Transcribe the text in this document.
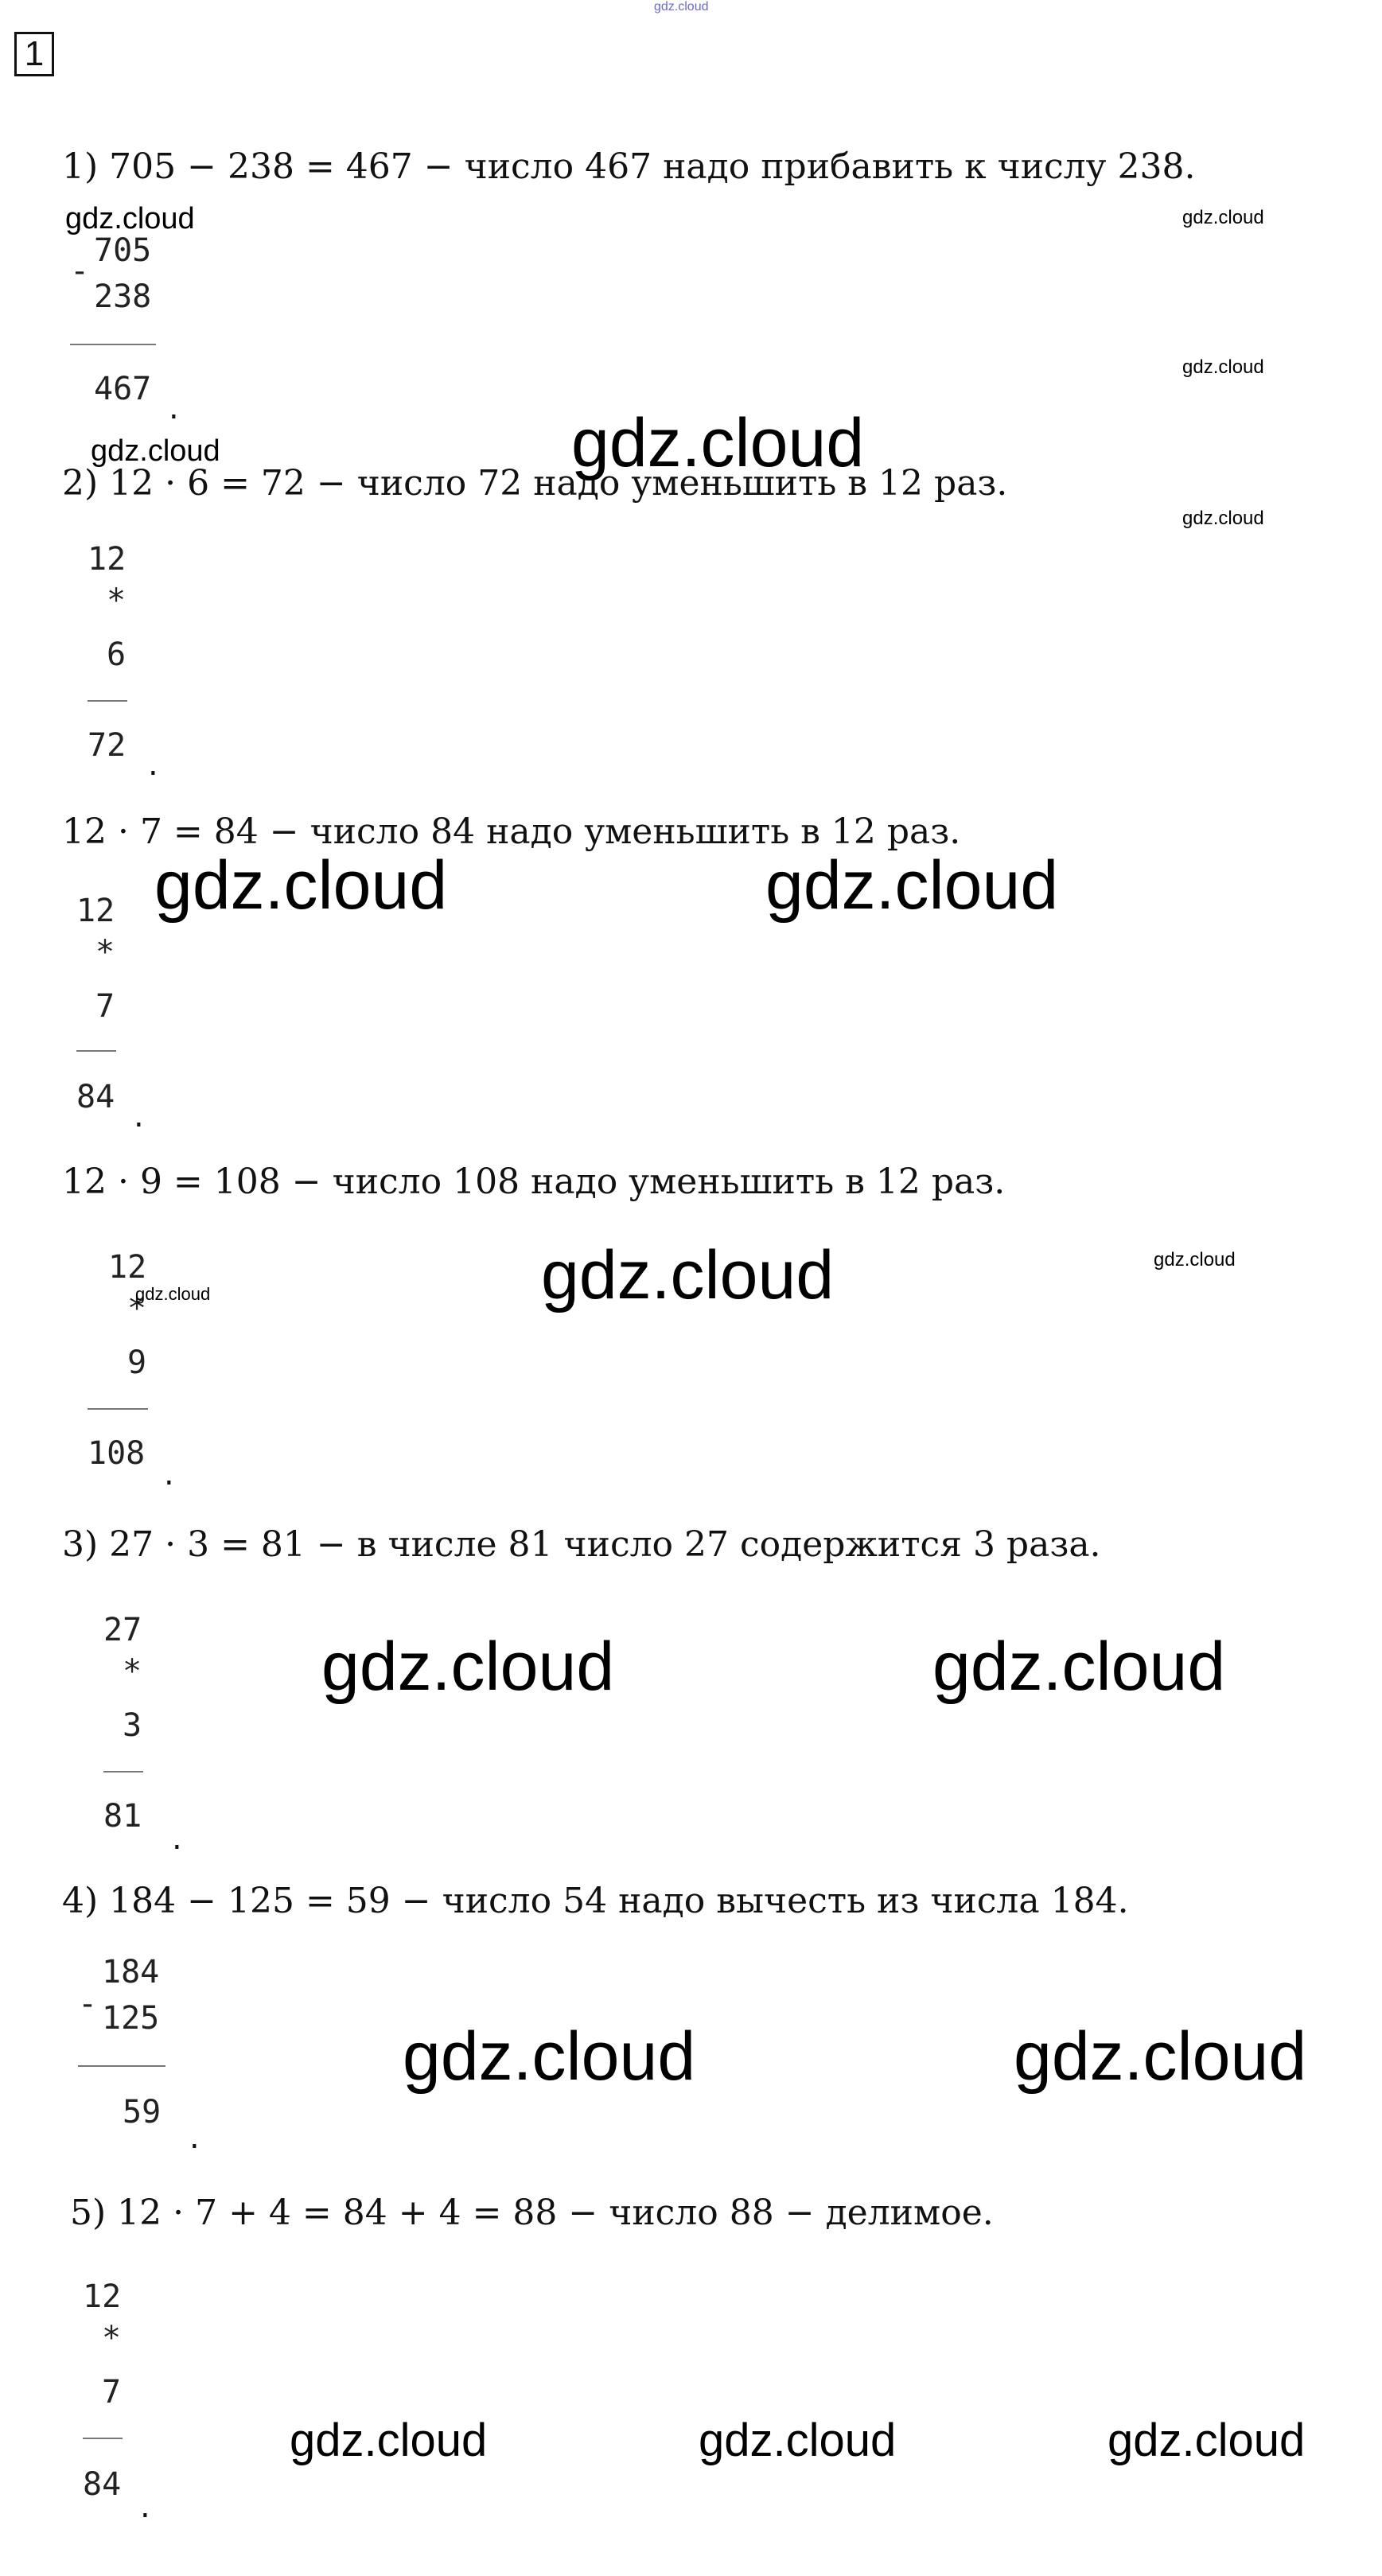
gdz.cloud
1
1) 705 − 238 = 467 − число 467 надо прибавить к числу 238.
-
705
238
467
.
2) 12 · 6 = 72 − число 72 надо уменьшить в 12 раз.
12
*
6
72
.
12 · 7 = 84 − число 84 надо уменьшить в 12 раз.
12
*
7
84
.
12 · 9 = 108 − число 108 надо уменьшить в 12 раз.
12
*
9
108
.
3) 27 · 3 = 81 − в числе 81 число 27 содержится 3 раза.
27
*
3
81
.
4) 184 − 125 = 59 − число 54 надо вычесть из числа 184.
-
184
125
59
.
5) 12 · 7 + 4 = 84 + 4 = 88 − число 88 − делимое.
12
*
7
84
.
gdz.cloud	gdz.cloud
gdz.cloud
gdz.cloud	gdz.cloud
gdz.cloud
gdz.cloud	gdz.cloud
gdz.cloud	gdz.cloud
gdz.cloud
gdz.cloud	gdz.cloud
gdz.cloud	gdz.cloud
gdz.cloud	gdz.cloud	gdz.cloud
